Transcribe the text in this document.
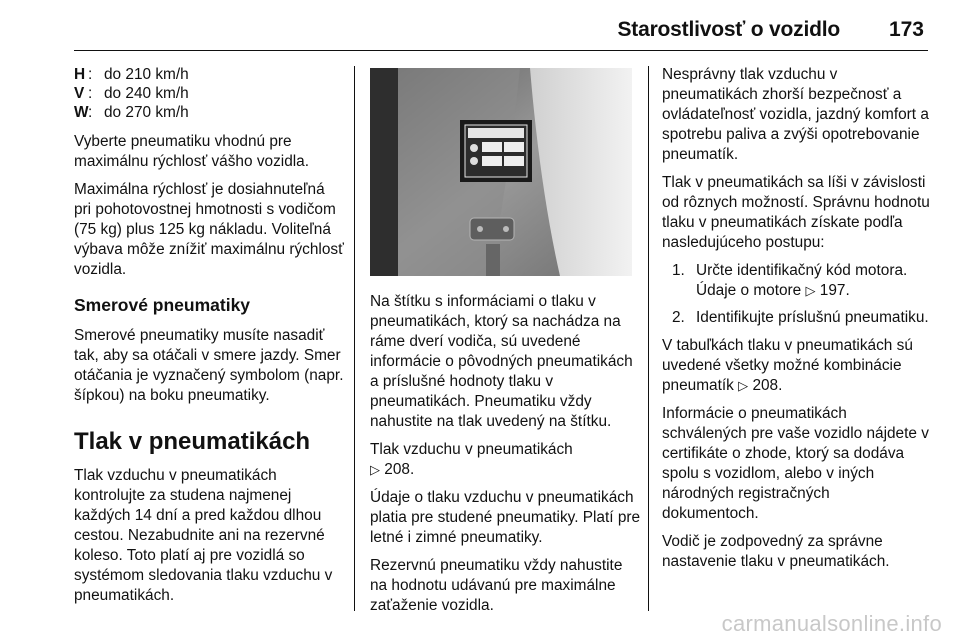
Starostlivosť o vozidlo 173
H : do 210 km/h
V : do 240 km/h
W : do 270 km/h

Vyberte pneumatiku vhodnú pre maximálnu rýchlosť vášho vozidla.

Maximálna rýchlosť je dosiahnuteľná pri pohotovostnej hmotnosti s vodičom (75 kg) plus 125 kg nákladu. Voliteľná výbava môže znížiť maximálnu rýchlosť vozidla.

Smerové pneumatiky

Smerové pneumatiky musíte nasadiť tak, aby sa otáčali v smere jazdy. Smer otáčania je vyznačený symbolom (napr. šípkou) na boku pneumatiky.

Tlak v pneumatikách

Tlak vzduchu v pneumatikách kontrolujte za studena najmenej každých 14 dní a pred každou dlhou cestou. Nezabudnite ani na rezervné koleso. Toto platí aj pre vozidlá so systémom sledovania tlaku vzduchu v pneumatikách.

Na štítku s informáciami o tlaku v pneumatikách, ktorý sa nachádza na ráme dverí vodiča, sú uvedené informácie o pôvodných pneumatikách a príslušné hodnoty tlaku v pneumatikách. Pneumatiku vždy nahustite na tlak uvedený na štítku.

Tlak vzduchu v pneumatikách
▷ 208.

Údaje o tlaku vzduchu v pneumatikách platia pre studené pneumatiky. Platí pre letné i zimné pneumatiky.

Rezervnú pneumatiku vždy nahustite na hodnotu udávanú pre maximálne zaťaženie vozidla.

Nesprávny tlak vzduchu v pneumatikách zhorší bezpečnosť a ovládateľnosť vozidla, jazdný komfort a spotrebu paliva a zvýši opotrebovanie pneumatík.

Tlak v pneumatikách sa líši v závislosti od rôznych možností. Správnu hodnotu tlaku v pneumatikách získate podľa nasledujúceho postupu:

1. Určte identifikačný kód motora. Údaje o motore ▷ 197.
2. Identifikujte príslušnú pneumatiku.

V tabuľkách tlaku v pneumatikách sú uvedené všetky možné kombinácie pneumatík ▷ 208.

Informácie o pneumatikách schválených pre vaše vozidlo nájdete v certifikáte o zhode, ktorý sa dodáva spolu s vozidlom, alebo v iných národných registračných dokumentoch.

Vodič je zodpovedný za správne nastavenie tlaku v pneumatikách.

carmanualsonline.info
